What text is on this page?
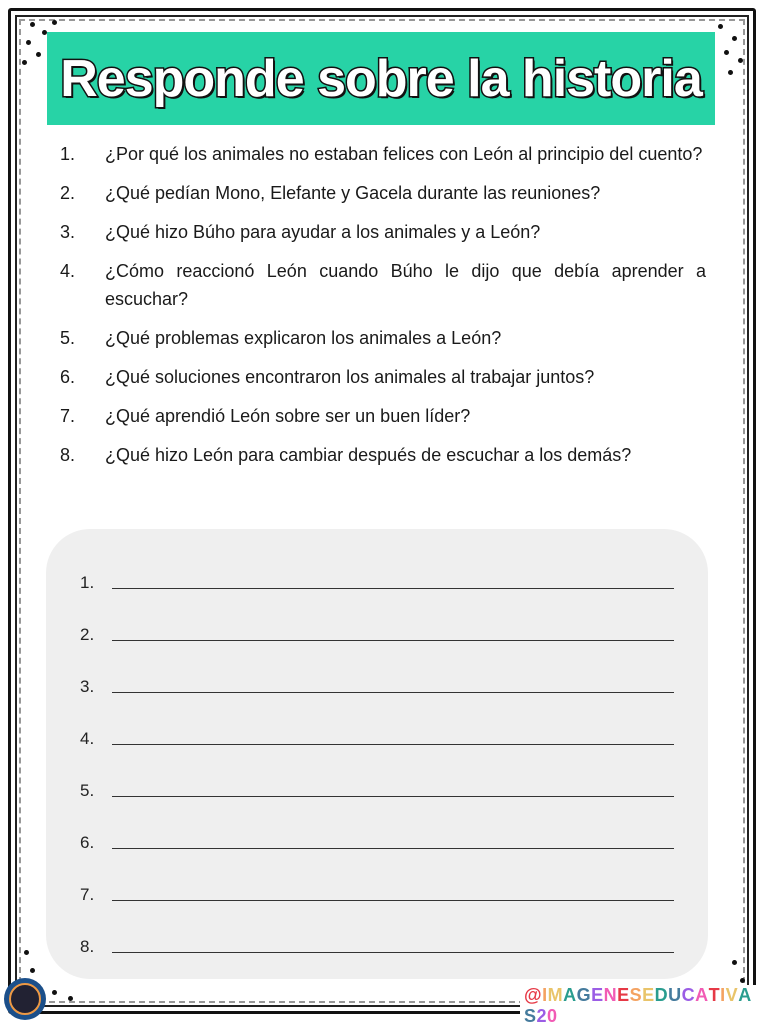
Responde sobre la historia
1.	¿Por qué los animales no estaban felices con León al principio del cuento?
2.	¿Qué pedían Mono, Elefante y Gacela durante las reuniones?
3.	¿Qué hizo Búho para ayudar a los animales y a León?
4.	¿Cómo reaccionó León cuando Búho le dijo que debía aprender a escuchar?
5.	¿Qué problemas explicaron los animales a León?
6.	¿Qué soluciones encontraron los animales al trabajar juntos?
7.	¿Qué aprendió León sobre ser un buen líder?
8.	¿Qué hizo León para cambiar después de escuchar a los demás?
1.
2.
3.
4.
5.
6.
7.
8.
@IMAGENESEDUCATIVAS20
